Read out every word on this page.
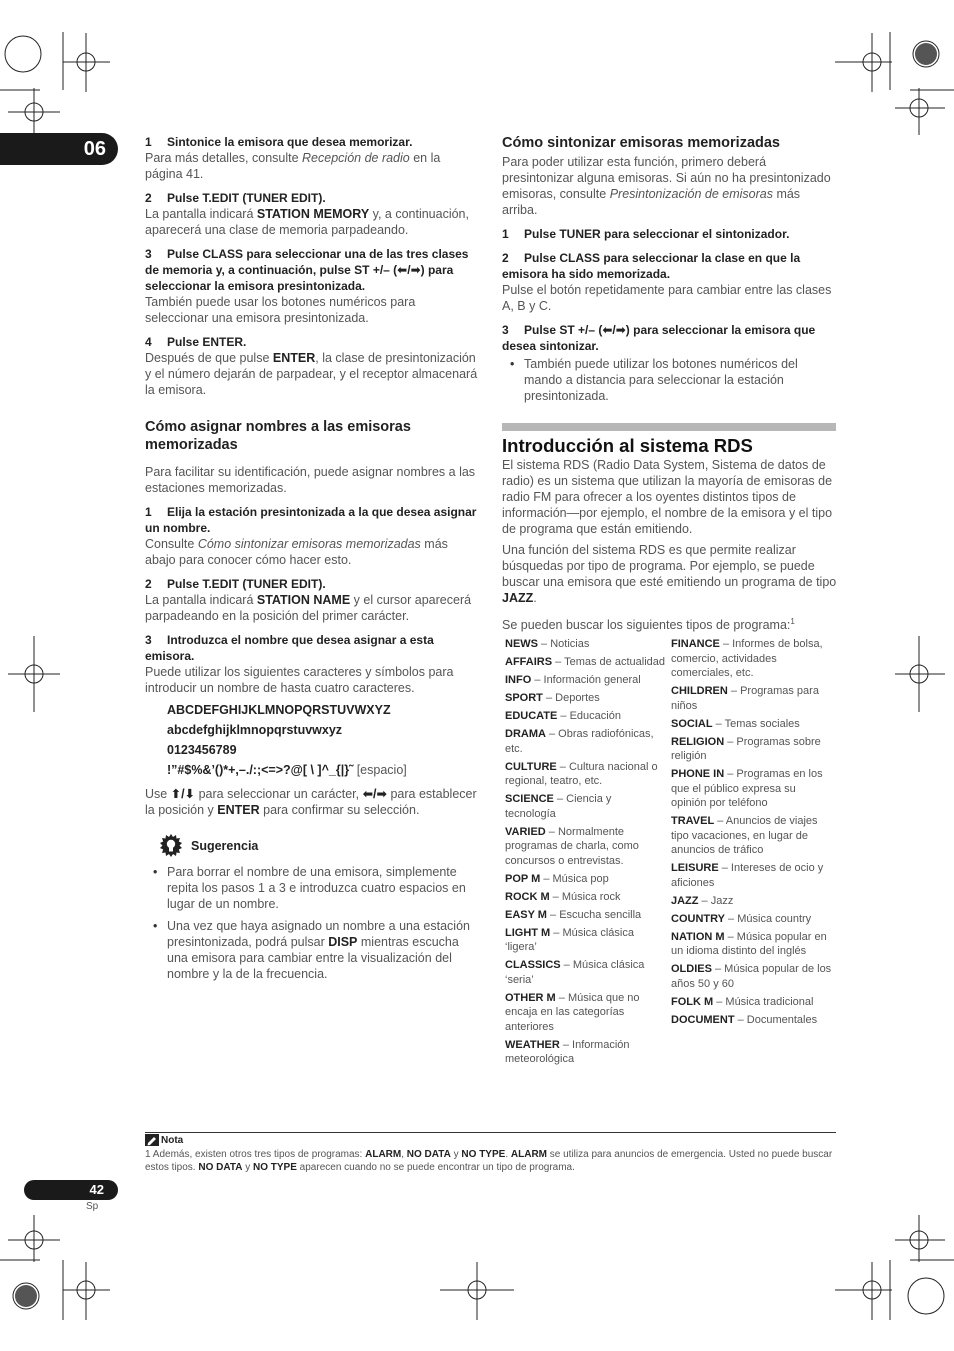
06	1 Sintonice la emisora que desea memorizar.

Para más detalles, consulte Recepción de radio en la página 41.

2 Pulse T.EDIT (TUNER EDIT).

La pantalla indicará STATION MEMORY y, a continuación, aparecerá una clase de memoria parpadeando.

3 Pulse CLASS para seleccionar una de las tres clases de memoria y, a continuación, pulse ST +/– (⬅/➡) para seleccionar la emisora presintonizada.

También puede usar los botones numéricos para seleccionar una emisora presintonizada.

4 Pulse ENTER.

Después de que pulse ENTER, la clase de presintonización y el número dejarán de parpadear, y el receptor almacenará la emisora.

Cómo asignar nombres a las emisoras memorizadas

Para facilitar su identificación, puede asignar nombres a las estaciones memorizadas.

1 Elija la estación presintonizada a la que desea asignar un nombre.

Consulte Cómo sintonizar emisoras memorizadas más abajo para conocer cómo hacer esto.

2 Pulse T.EDIT (TUNER EDIT).

La pantalla indicará STATION NAME y el cursor aparecerá parpadeando en la posición del primer carácter.

3 Introduzca el nombre que desea asignar a esta emisora.

Puede utilizar los siguientes caracteres y símbolos para introducir un nombre de hasta cuatro caracteres.

ABCDEFGHIJKLMNOPQRSTUVWXYZ
abcdefghijklmnopqrstuvwxyz
0123456789
!”#$%&’()*+,–./:;<=>?@[ \ ]^_{|}˜ [espacio]

Use ⬆/⬇ para seleccionar un carácter, ⬅/➡ para establecer la posición y ENTER para confirmar su selección.

Sugerencia
• Para borrar el nombre de una emisora, simplemente repita los pasos 1 a 3 e introduzca cuatro espacios en lugar de un nombre.
• Una vez que haya asignado un nombre a una estación presintonizada, podrá pulsar DISP mientras escucha una emisora para cambiar entre la visualización del nombre y la de la frecuencia.
Cómo sintonizar emisoras memorizadas

Para poder utilizar esta función, primero deberá presintonizar alguna emisoras. Si aún no ha presintonizado emisoras, consulte Presintonización de emisoras más arriba.

1 Pulse TUNER para seleccionar el sintonizador.
2 Pulse CLASS para seleccionar la clase en que la emisora ha sido memorizada.

Pulse el botón repetidamente para cambiar entre las clases A, B y C.

3 Pulse ST +/– (⬅/➡) para seleccionar la emisora que desea sintonizar.
• También puede utilizar los botones numéricos del mando a distancia para seleccionar la estación presintonizada.
Introducción al sistema RDS

El sistema RDS (Radio Data System, Sistema de datos de radio) es un sistema que utilizan la mayoría de emisoras de radio FM para ofrecer a los oyentes distintos tipos de información—por ejemplo, el nombre de la emisora y el tipo de programa que están emitiendo.

Una función del sistema RDS es que permite realizar búsquedas por tipo de programa. Por ejemplo, se puede buscar una emisora que esté emitiendo un programa de tipo JAZZ.

Se pueden buscar los siguientes tipos de programa:$^1$

NEWS – Noticias
AFFAIRS – Temas de actualidad
INFO – Información general
SPORT – Deportes
EDUCATE – Educación
DRAMA – Obras radiofónicas, etc.
CULTURE – Cultura nacional o regional, teatro, etc.
SCIENCE – Ciencia y tecnología
VARIED – Normalmente programas de charla, como concursos o entrevistas.
POP M – Música pop
ROCK M – Música rock
EASY M – Escucha sencilla
LIGHT M – Música clásica ‘ligera’
CLASSICS – Música clásica ‘seria’
OTHER M – Música que no encaja en las categorías anteriores
WEATHER – Información meteorológica
FINANCE – Informes de bolsa, comercio, actividades comerciales, etc.
CHILDREN – Programas para niños
SOCIAL – Temas sociales
RELIGION – Programas sobre religión
PHONE IN – Programas en los que el público expresa su opinión por teléfono
TRAVEL – Anuncios de viajes tipo vacaciones, en lugar de anuncios de tráfico
LEISURE – Intereses de ocio y aficiones
JAZZ – Jazz
COUNTRY – Música country
NATION M – Música popular en un idioma distinto del inglés
OLDIES – Música popular de los años 50 y 60
FOLK M – Música tradicional
DOCUMENT – Documentales
Nota
1 Además, existen otros tres tipos de programas: ALARM, NO DATA y NO TYPE. ALARM se utiliza para anuncios de emergencia. Usted no puede buscar estos tipos. NO DATA y NO TYPE aparecen cuando no se puede encontrar un tipo de programa.
42
Sp
